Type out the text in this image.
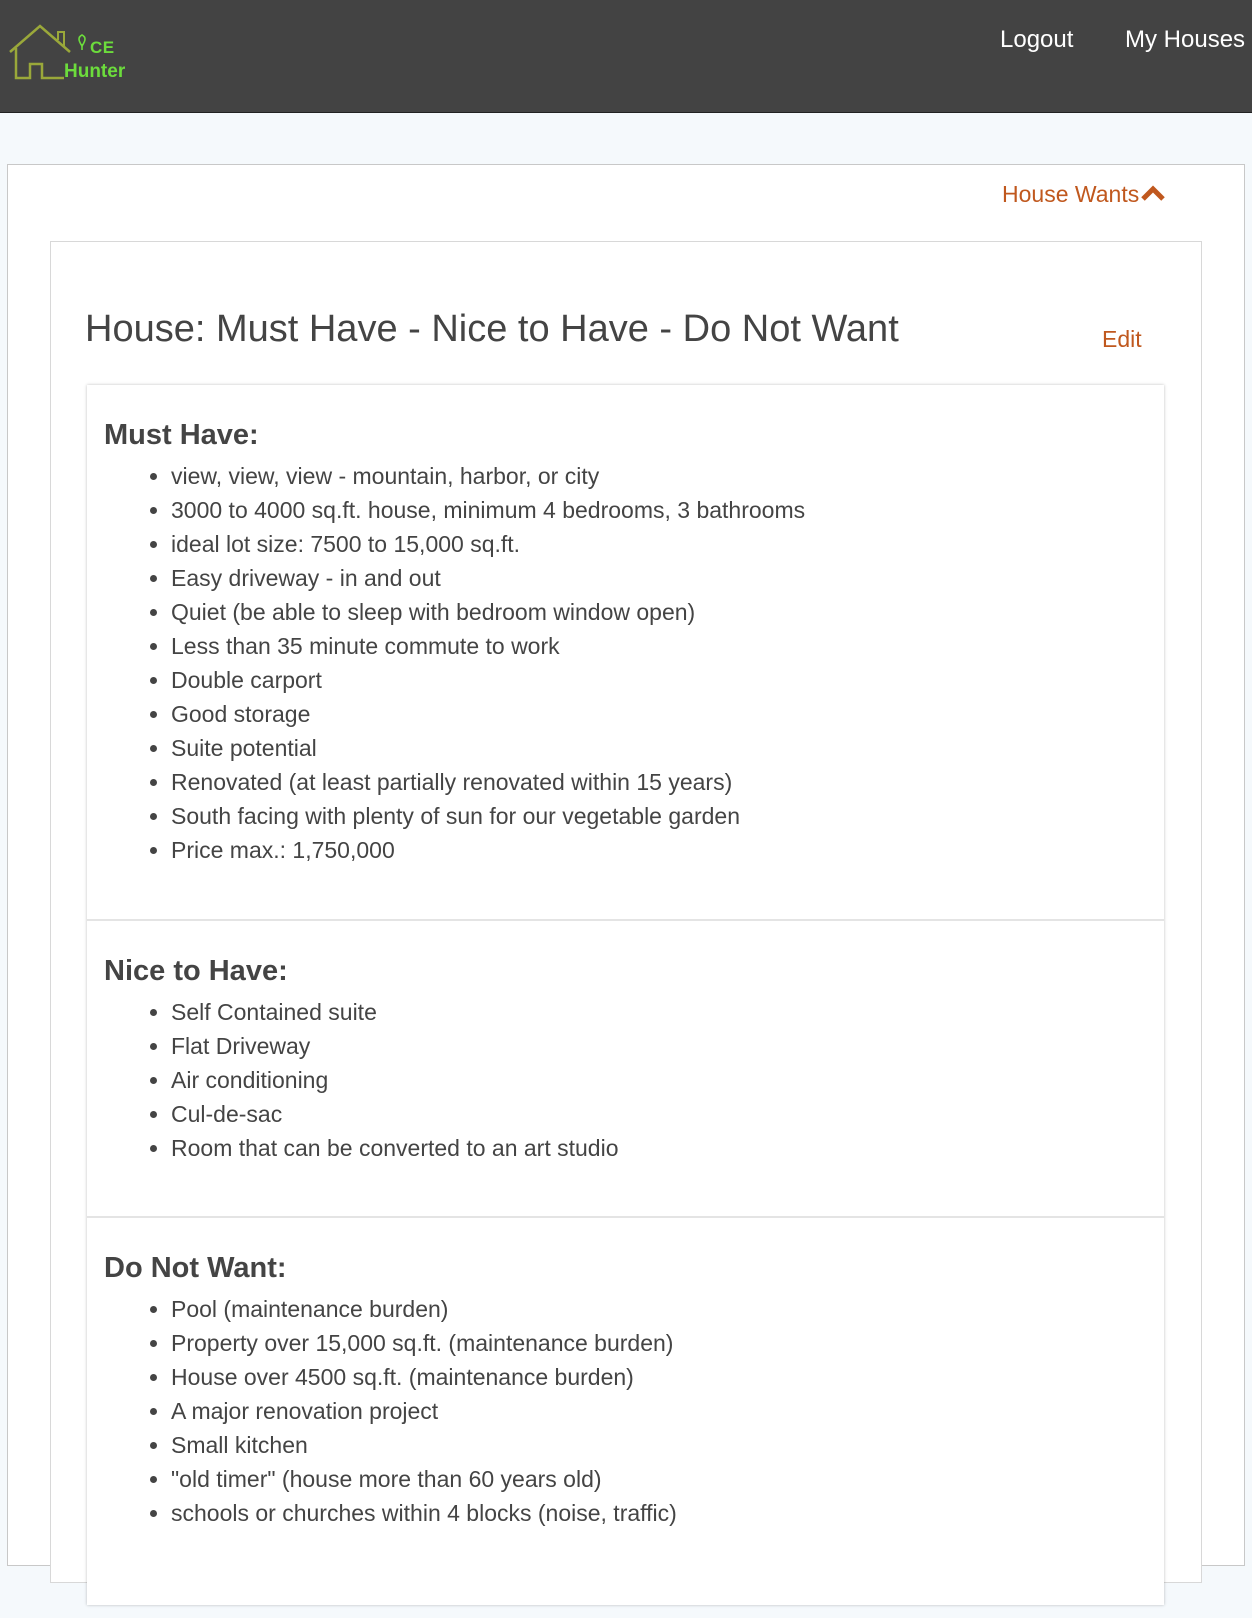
CE
Hunter
Logout My Houses
House Wants
House: Must Have - Nice to Have - Do Not Want	Edit
Must Have:
• view, view, view - mountain, harbor, or city
• 3000 to 4000 sq.ft. house, minimum 4 bedrooms, 3 bathrooms
• ideal lot size: 7500 to 15,000 sq.ft.
• Easy driveway - in and out
• Quiet (be able to sleep with bedroom window open)
• Less than 35 minute commute to work
• Double carport
• Good storage
• Suite potential
• Renovated (at least partially renovated within 15 years)
• South facing with plenty of sun for our vegetable garden
• Price max.: 1,750,000
Nice to Have:
• Self Contained suite
• Flat Driveway
• Air conditioning
• Cul-de-sac
• Room that can be converted to an art studio
Do Not Want:
• Pool (maintenance burden)
• Property over 15,000 sq.ft. (maintenance burden)
• House over 4500 sq.ft. (maintenance burden)
• A major renovation project
• Small kitchen
• "old timer" (house more than 60 years old)
• schools or churches within 4 blocks (noise, traffic)
